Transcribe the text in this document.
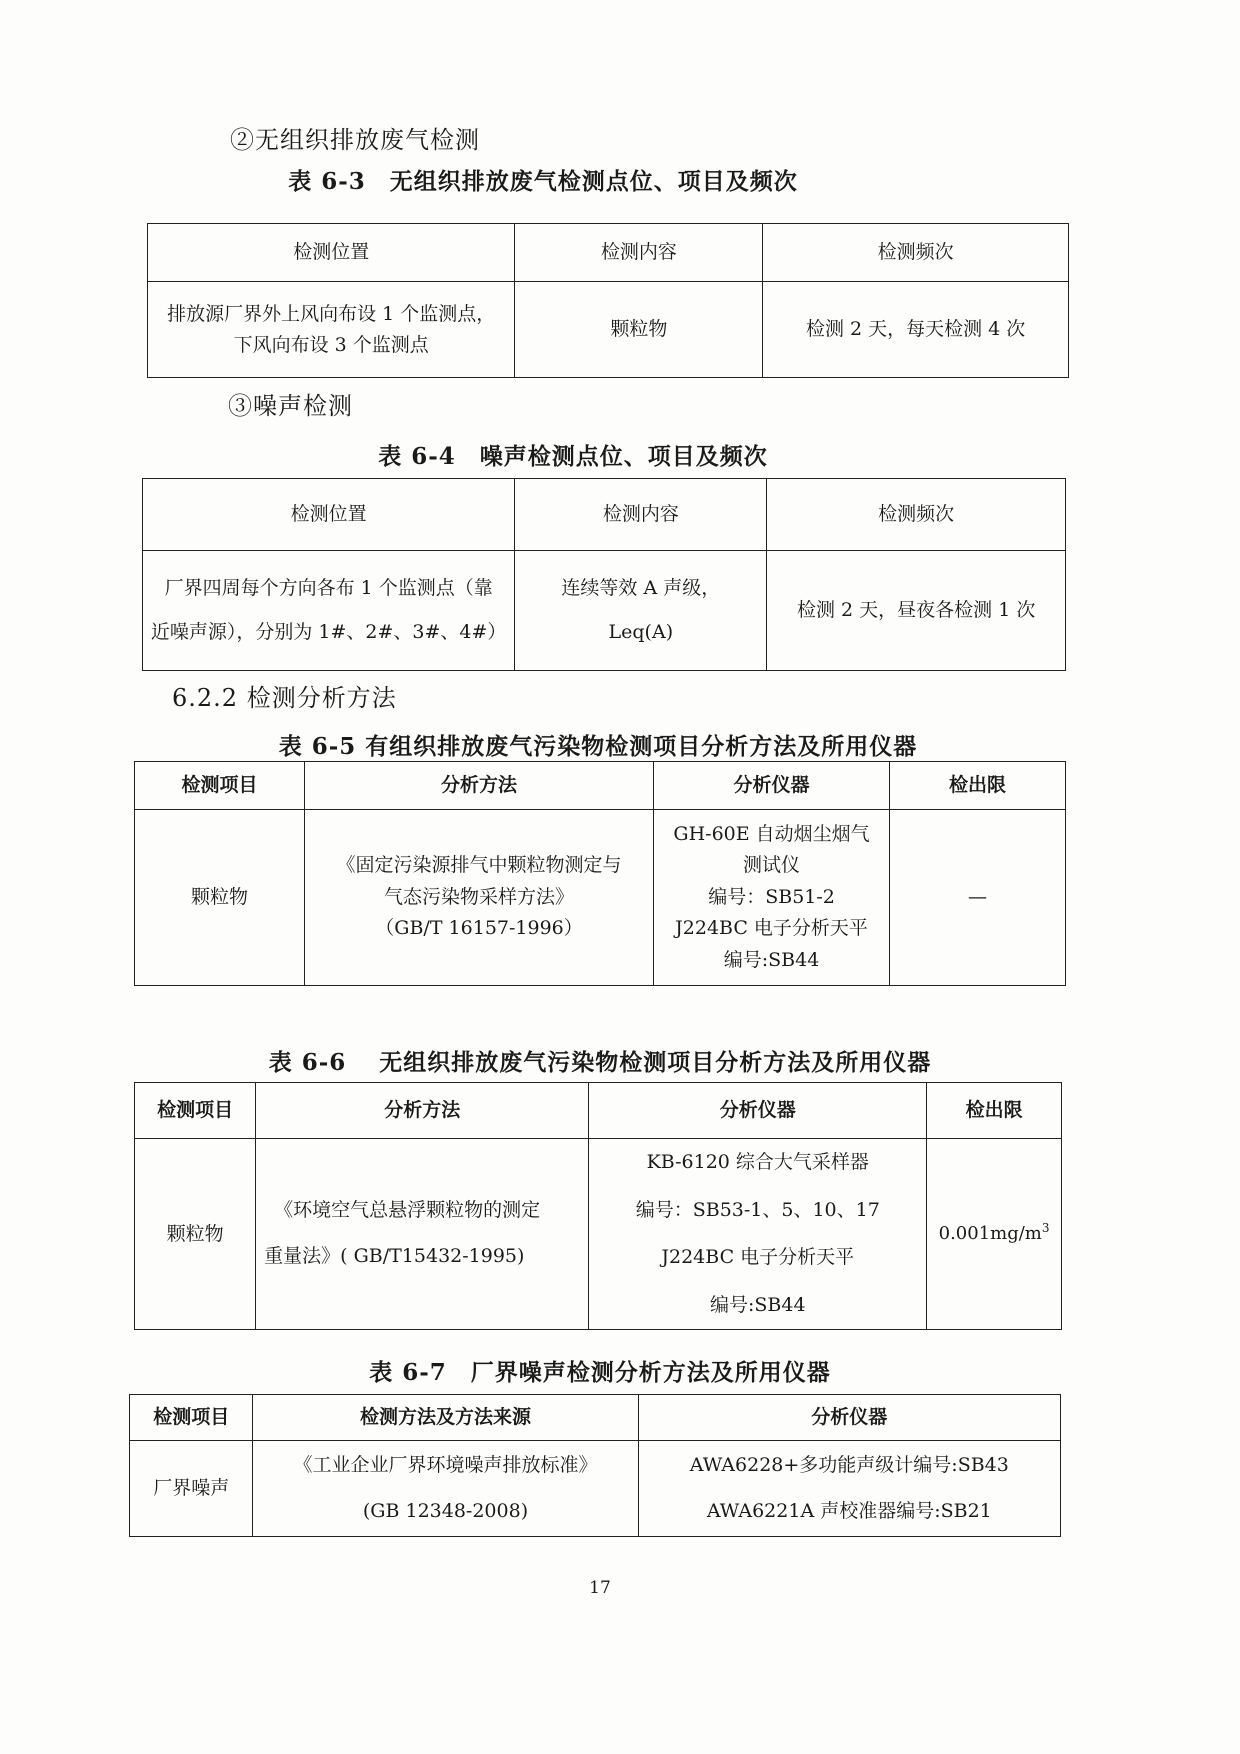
②无组织排放废气检测
表 6-3　无组织排放废气检测点位、项目及频次
检测位置	检测内容	检测频次

排放源厂界外上风向布设 1 个监测点，
下风向布设 3 个监测点	颗粒物	检测 2 天，每天检测 4 次
③噪声检测
表 6-4　噪声检测点位、项目及频次
检测位置	检测内容	检测频次

厂界四周每个方向各布 1 个监测点（靠
近噪声源），分别为 1#、2#、3#、4#）	连续等效 A 声级，
Leq(A)	检测 2 天，昼夜各检测 1 次
6.2.2 检测分析方法
表 6-5 有组织排放废气污染物检测项目分析方法及所用仪器
检测项目	分析方法	分析仪器	检出限
颗粒物	《固定污染源排气中颗粒物测定与
气态污染物采样方法》
（GB/T 16157-1996）	GH-60E 自动烟尘烟气
测试仪
编号：SB51-2
J224BC 电子分析天平
编号:SB44	—
表 6-6　 无组织排放废气污染物检测项目分析方法及所用仪器
检测项目	分析方法	分析仪器	检出限
颗粒物	《环境空气总悬浮颗粒物的测定
重量法》( GB/T15432-1995)	KB-6120 综合大气采样器
编号：SB53-1、5、10、17
J224BC 电子分析天平
编号:SB44	$0.001mg/m^3$
表 6-7　厂界噪声检测分析方法及所用仪器
检测项目	检测方法及方法来源	分析仪器
厂界噪声	《工业企业厂界环境噪声排放标准》
(GB 12348-2008)	AWA6228+多功能声级计编号:SB43
AWA6221A 声校准器编号:SB21
17
